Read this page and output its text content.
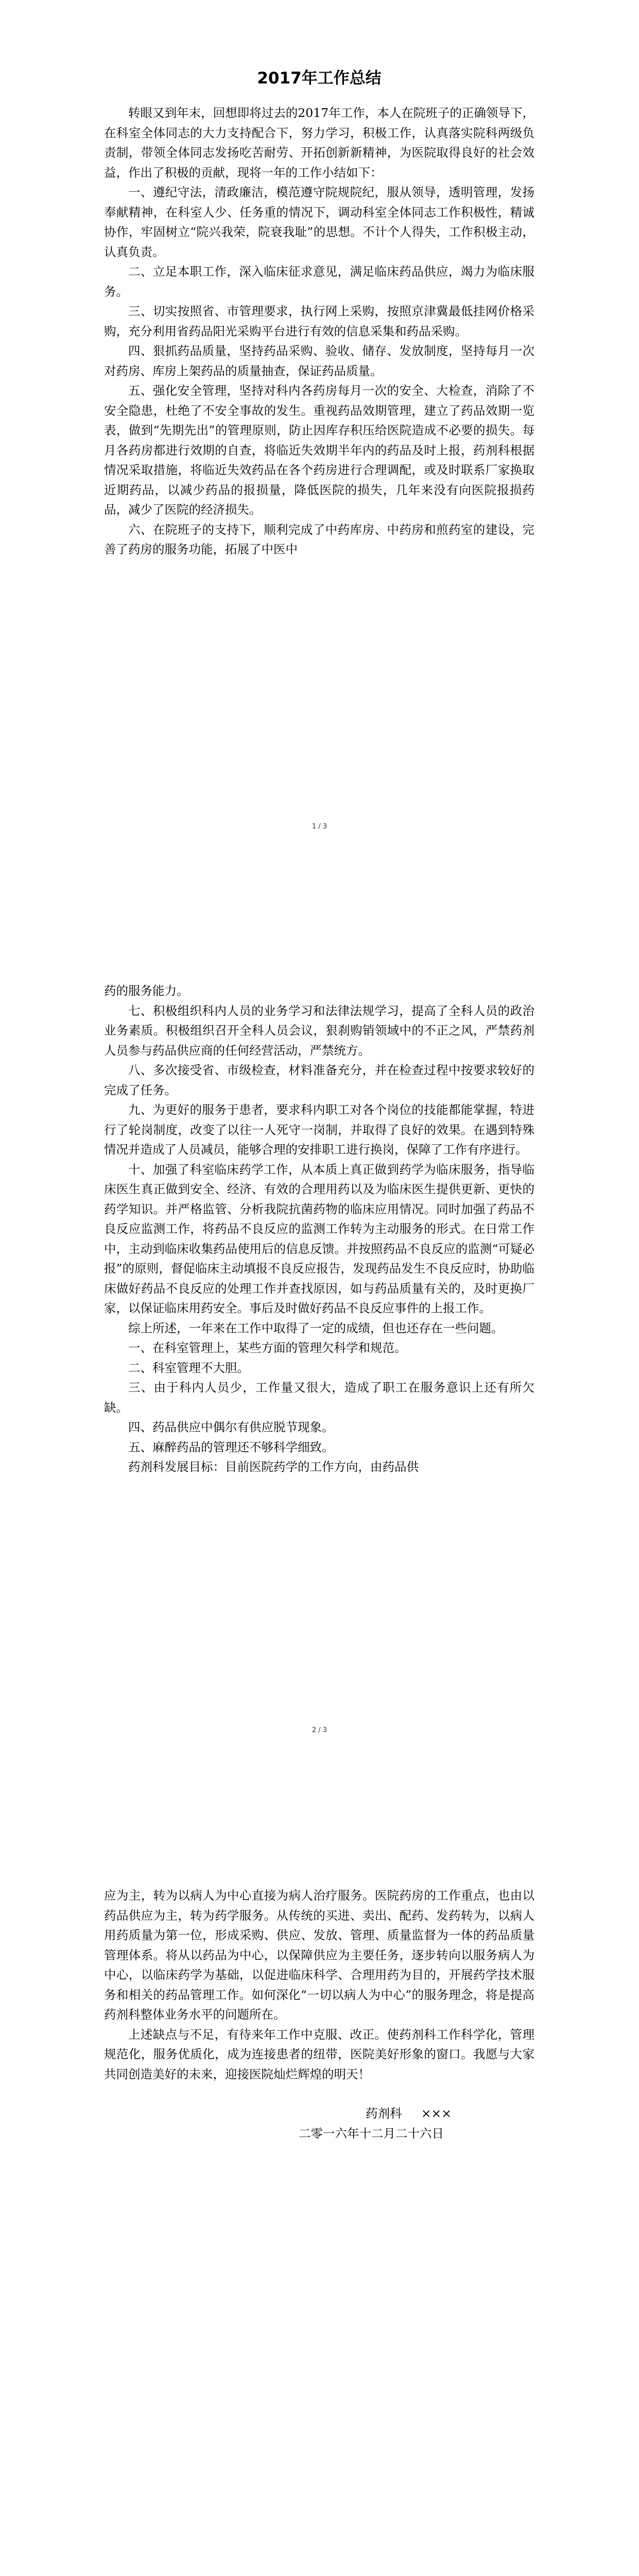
2017年工作总结

转眼又到年末，回想即将过去的2017年工作，本人在院班子的正确领导下，在科室全体同志的大力支持配合下，努力学习，积极工作，认真落实院科两级负责制，带领全体同志发扬吃苦耐劳、开拓创新新精神，为医院取得良好的社会效益，作出了积极的贡献，现将一年的工作小结如下：

一、遵纪守法，清政廉洁，模范遵守院规院纪，服从领导，透明管理，发扬奉献精神，在科室人少、任务重的情况下，调动科室全体同志工作积极性，精诚协作，牢固树立“院兴我荣，院衰我耻”的思想。不计个人得失，工作积极主动，认真负责。

二、立足本职工作，深入临床征求意见，满足临床药品供应，竭力为临床服务。

三、切实按照省、市管理要求，执行网上采购，按照京津冀最低挂网价格采购，充分利用省药品阳光采购平台进行有效的信息采集和药品采购。

四、狠抓药品质量，坚持药品采购、验收、储存、发放制度，坚持每月一次对药房、库房上架药品的质量抽查，保证药品质量。

五、强化安全管理，坚持对科内各药房每月一次的安全、大检查，消除了不安全隐患，杜绝了不安全事故的发生。重视药品效期管理，建立了药品效期一览表，做到“先期先出”的管理原则，防止因库存积压给医院造成不必要的损失。每月各药房都进行效期的自查，将临近失效期半年内的药品及时上报，药剂科根据情况采取措施，将临近失效药品在各个药房进行合理调配，或及时联系厂家换取近期药品，以减少药品的报损量，降低医院的损失，几年来没有向医院报损药品，减少了医院的经济损失。

六、在院班子的支持下，顺利完成了中药库房、中药房和煎药室的建设，完善了药房的服务功能，拓展了中医中

1 / 3

药的服务能力。

七、积极组织科内人员的业务学习和法律法规学习，提高了全科人员的政治业务素质。积极组织召开全科人员会议，狠刹购销领域中的不正之风，严禁药剂人员参与药品供应商的任何经营活动，严禁统方。

八、多次接受省、市级检查，材料准备充分，并在检查过程中按要求较好的完成了任务。

九、为更好的服务于患者，要求科内职工对各个岗位的技能都能掌握，特进行了轮岗制度，改变了以往一人死守一岗制，并取得了良好的效果。在遇到特殊情况并造成了人员减员，能够合理的安排职工进行换岗，保障了工作有序进行。

十、加强了科室临床药学工作，从本质上真正做到药学为临床服务，指导临床医生真正做到安全、经济、有效的合理用药以及为临床医生提供更新、更快的药学知识。并严格监管、分析我院抗菌药物的临床应用情况。同时加强了药品不良反应监测工作，将药品不良反应的监测工作转为主动服务的形式。在日常工作中，主动到临床收集药品使用后的信息反馈。并按照药品不良反应的监测“可疑必报”的原则，督促临床主动填报不良反应报告，发现药品发生不良反应时，协助临床做好药品不良反应的处理工作并查找原因，如与药品质量有关的，及时更换厂家，以保证临床用药安全。事后及时做好药品不良反应事件的上报工作。

综上所述，一年来在工作中取得了一定的成绩，但也还存在一些问题。

一、在科室管理上，某些方面的管理欠科学和规范。

二、科室管理不大胆。

三、由于科内人员少，工作量又很大，造成了职工在服务意识上还有所欠缺。

四、药品供应中偶尔有供应脱节现象。

五、麻醉药品的管理还不够科学细致。

药剂科发展目标：目前医院药学的工作方向，由药品供

2 / 3

应为主，转为以病人为中心直接为病人治疗服务。医院药房的工作重点，也由以药品供应为主，转为药学服务。从传统的买进、卖出、配药、发药转为，以病人用药质量为第一位，形成采购、供应、发放、管理、质量监督为一体的药品质量管理体系。将从以药品为中心，以保障供应为主要任务，逐步转向以服务病人为中心，以临床药学为基础，以促进临床科学、合理用药为目的，开展药学技术服务和相关的药品管理工作。如何深化“一切以病人为中心”的服务理念，将是提高药剂科整体业务水平的问题所在。

上述缺点与不足，有待来年工作中克服、改正。使药剂科工作科学化，管理规范化，服务优质化，成为连接患者的纽带，医院美好形象的窗口。我愿与大家共同创造美好的未来，迎接医院灿烂辉煌的明天！

药剂科 ×××
二零一六年十二月二十六日
